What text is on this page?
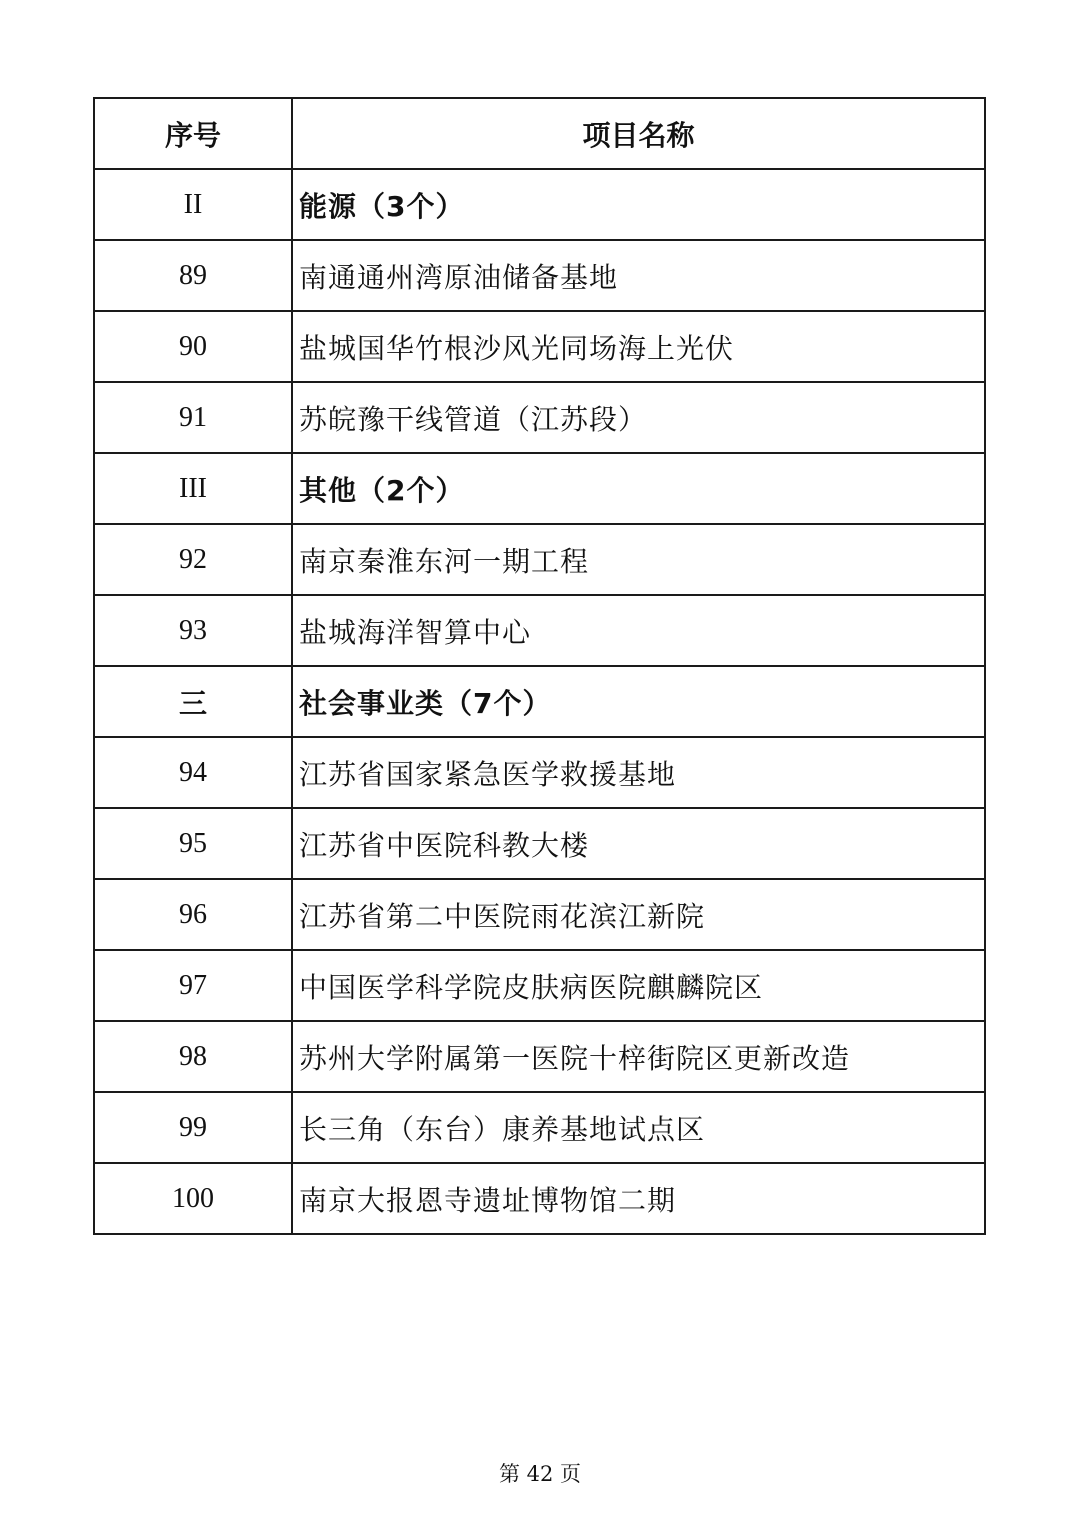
序号	项目名称
II	能源（3个）
89	南通通州湾原油储备基地
90	盐城国华竹根沙风光同场海上光伏
91	苏皖豫干线管道（江苏段）
III	其他（2个）
92	南京秦淮东河一期工程
93	盐城海洋智算中心
三	社会事业类（7个）
94	江苏省国家紧急医学救援基地
95	江苏省中医院科教大楼
96	江苏省第二中医院雨花滨江新院
97	中国医学科学院皮肤病医院麒麟院区
98	苏州大学附属第一医院十梓街院区更新改造
99	长三角（东台）康养基地试点区
100	南京大报恩寺遗址博物馆二期
第 42 页
